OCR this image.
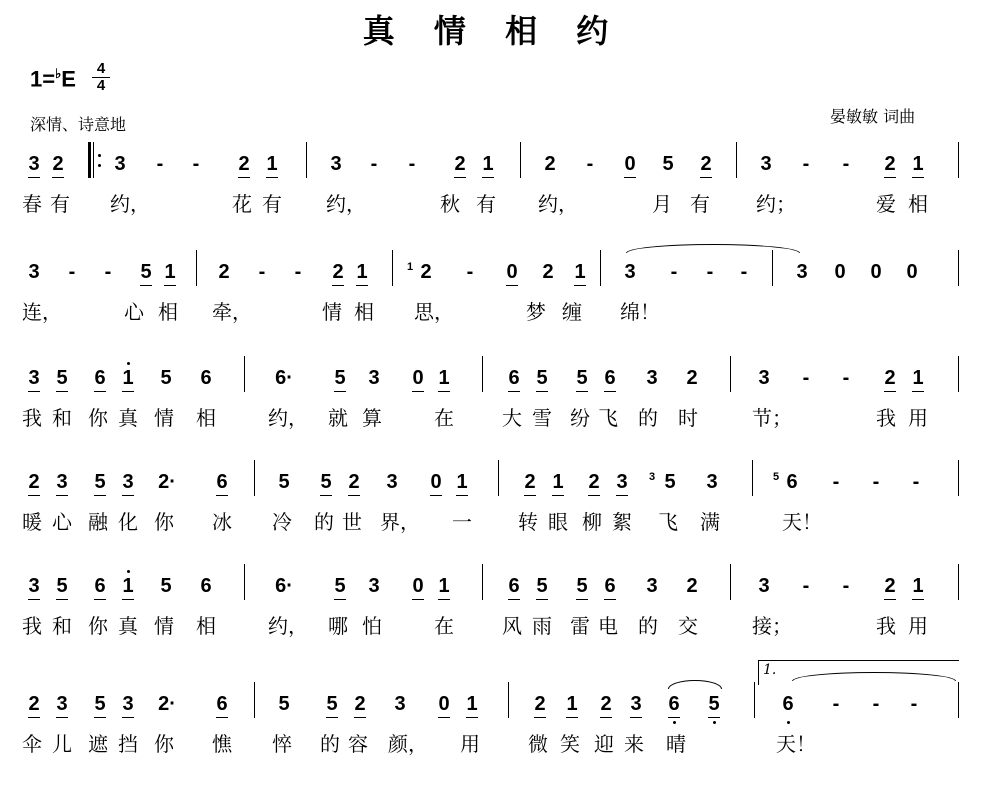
真 情 相 约
$1=^♭E \frac{4}{4}$
深情、诗意地	晏敏敏 词曲
3 2	3	-	-	2 1	3	-	-	2 1	2	-	0 5 2 3	-	-	2 1
春 有 约，	花 有 约，	秋 有 约，	月 有 约；	爱 相
3	-	-	5 1 2	-	-	2 1	1 2	-	0 2 1 3	-	-	-	3 0 0 0
连，	心 相 牵，	情 相 思，	梦 缠 绵！
3 5 6 1 5 6	6· 5 3 0 1	6 5 5 6 3 2	3	-	-	2 1
我 和 你 真 情 相	约， 就 算	在 大 雪 纷 飞 的 时	节；	我 用
2 3 5 3 2· 6	5 5 2 3 0 1	2 1 2 3	3 5 3	5 6	-	-	-
暖 心 融 化 你 冰 冷 的 世 界， 一 转 眼 柳 絮 飞 满	天！
3 5 6 1 5 6	6· 5 3 0 1	6 5 5 6 3 2	3	-	-	2 1
我 和 你 真 情 相	约， 哪 怕	在 风 雨 雷 电 的 交	接；	我 用
1.
2 3 5 3 2· 6	5 5 2 3 0 1	2 1 2 3 6 5	6	-	-	-
伞 儿 遮 挡 你 憔 悴 的 容 颜， 用 微 笑 迎 来 晴	天！
